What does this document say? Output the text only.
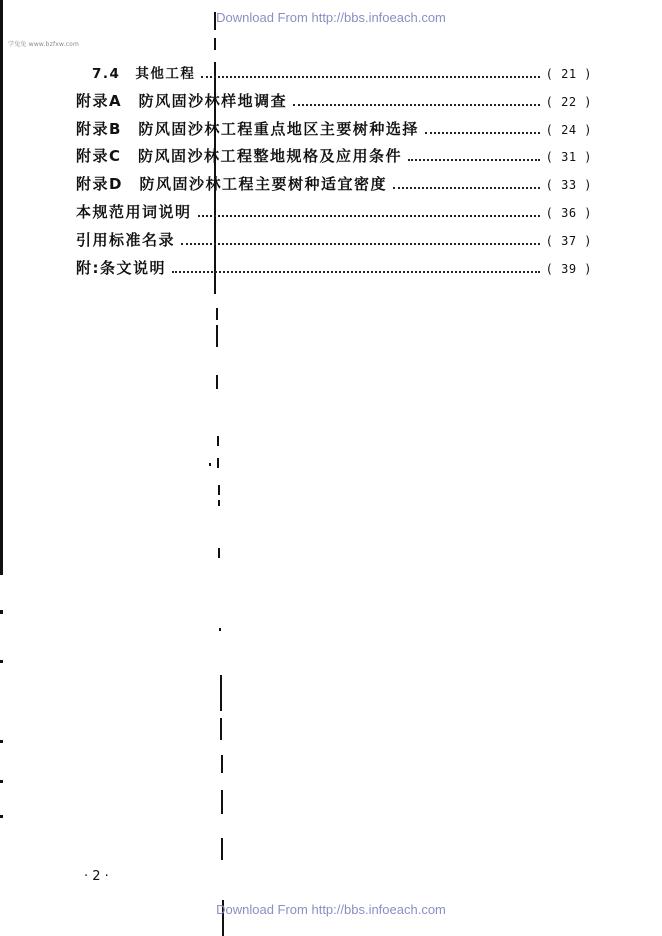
Download From http://bbs.infoeach.com
学兔兔 www.bzfxw.com
7.4　其他工程	( 21 )
附录A　防风固沙林样地调查	( 22 )
附录B　防风固沙林工程重点地区主要树种选择	( 24 )
附录C　防风固沙林工程整地规格及应用条件	( 31 )
附录D　防风固沙林工程主要树种适宜密度	( 33 )
本规范用词说明	( 36 )
引用标准名录	( 37 )
附:条文说明	( 39 )
· 2 ·
Download From http://bbs.infoeach.com
